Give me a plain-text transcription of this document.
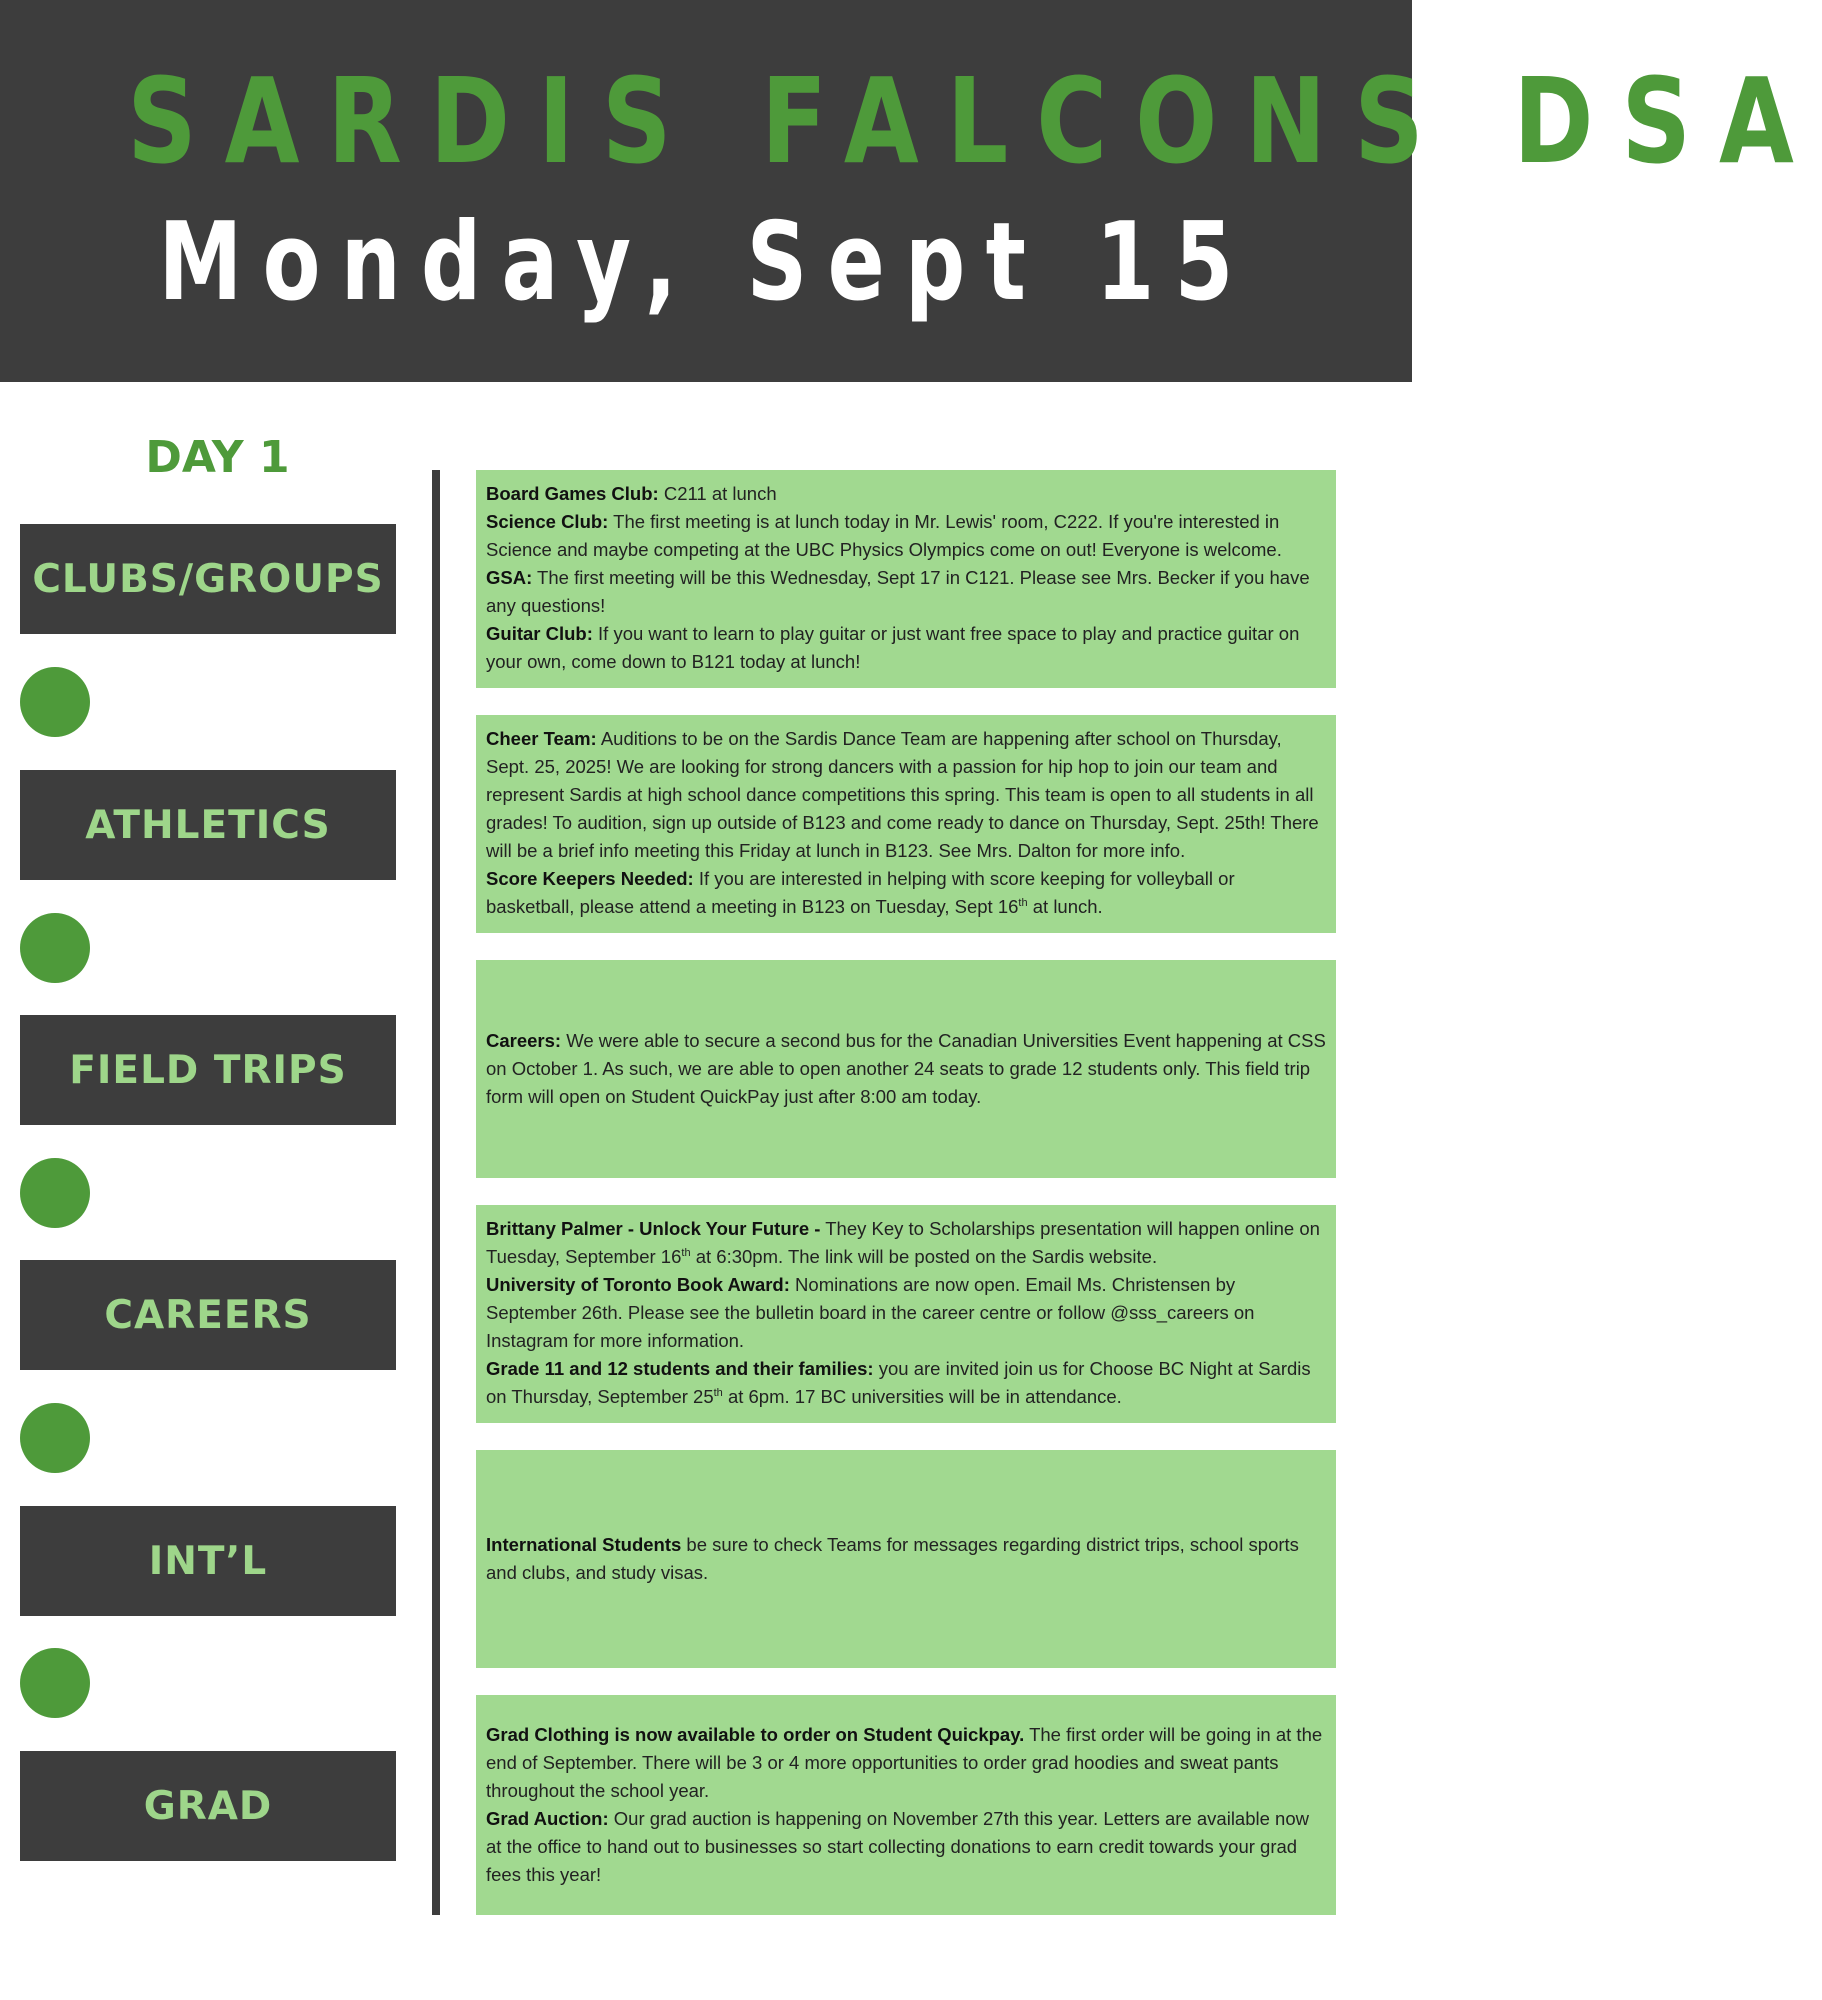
SARDIS FALCONS DSA
Monday, Sept 15
DAY 1
CLUBS/GROUPS
ATHLETICS
FIELD TRIPS
CAREERS
INT’L
GRAD

Board Games Club: C211 at lunch

Science Club: The first meeting is at lunch today in Mr. Lewis' room, C222. If you're interested in Science and maybe competing at the UBC Physics Olympics come on out! Everyone is welcome.

GSA: The first meeting will be this Wednesday, Sept 17 in C121. Please see Mrs. Becker if you have any questions!

Guitar Club: If you want to learn to play guitar or just want free space to play and practice guitar on your own, come down to B121 today at lunch!

Cheer Team: Auditions to be on the Sardis Dance Team are happening after school on Thursday, Sept. 25, 2025! We are looking for strong dancers with a passion for hip hop to join our team and represent Sardis at high school dance competitions this spring. This team is open to all students in all grades! To audition, sign up outside of B123 and come ready to dance on Thursday, Sept. 25th! There will be a brief info meeting this Friday at lunch in B123. See Mrs. Dalton for more info.

Score Keepers Needed: If you are interested in helping with score keeping for volleyball or basketball, please attend a meeting in B123 on Tuesday, Sept 16th at lunch.

Careers: We were able to secure a second bus for the Canadian Universities Event happening at CSS on October 1. As such, we are able to open another 24 seats to grade 12 students only. This field trip form will open on Student QuickPay just after 8:00 am today.

Brittany Palmer - Unlock Your Future - They Key to Scholarships presentation will happen online on Tuesday, September 16th at 6:30pm. The link will be posted on the Sardis website.

University of Toronto Book Award: Nominations are now open. Email Ms. Christensen by September 26th. Please see the bulletin board in the career centre or follow @sss_careers on Instagram for more information.

Grade 11 and 12 students and their families: you are invited join us for Choose BC Night at Sardis on Thursday, September 25th at 6pm. 17 BC universities will be in attendance.

International Students be sure to check Teams for messages regarding district trips, school sports and clubs, and study visas.

Grad Clothing is now available to order on Student Quickpay. The first order will be going in at the end of September. There will be 3 or 4 more opportunities to order grad hoodies and sweat pants throughout the school year.

Grad Auction: Our grad auction is happening on November 27th this year. Letters are available now at the office to hand out to businesses so start collecting donations to earn credit towards your grad fees this year!
